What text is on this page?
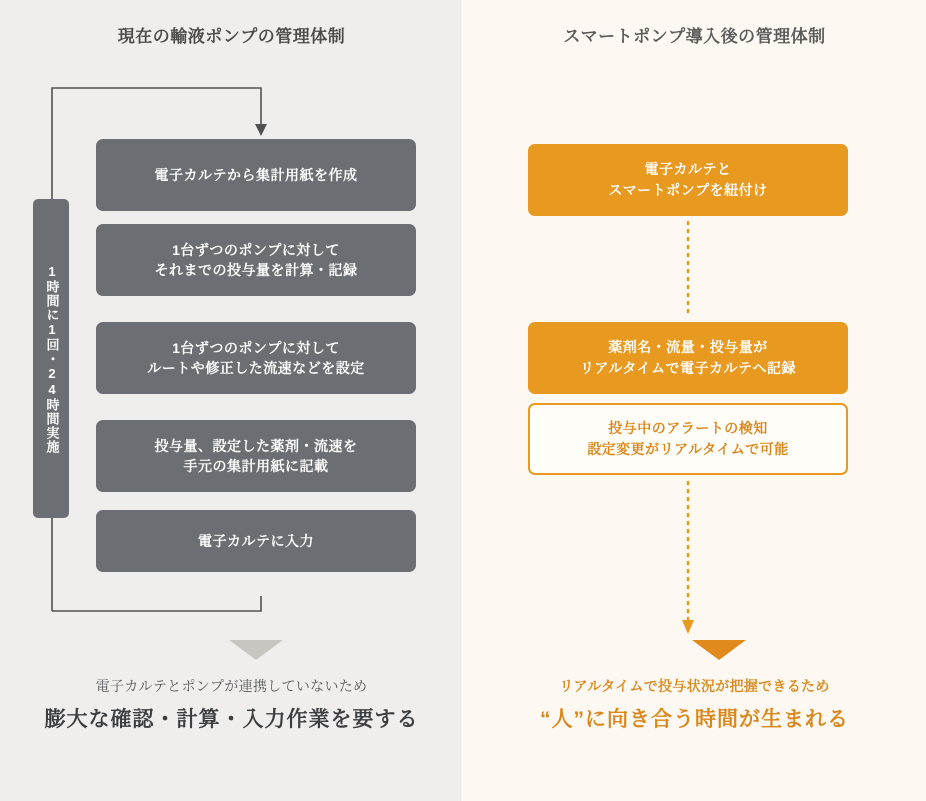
現在の輸液ポンプの管理体制
1時間に1回・24時間実施
電子カルテから集計用紙を作成
1台ずつのポンプに対して
それまでの投与量を計算・記録
1台ずつのポンプに対して
ルートや修正した流速などを設定
投与量、設定した薬剤・流速を
手元の集計用紙に記載
電子カルテに入力
電子カルテとポンプが連携していないため
膨大な確認・計算・入力作業を要する
スマートポンプ導入後の管理体制
電子カルテと
スマートポンプを紐付け
薬剤名・流量・投与量が
リアルタイムで電子カルテへ記録
投与中のアラートの検知
設定変更がリアルタイムで可能
リアルタイムで投与状況が把握できるため
“人”に向き合う時間が生まれる
